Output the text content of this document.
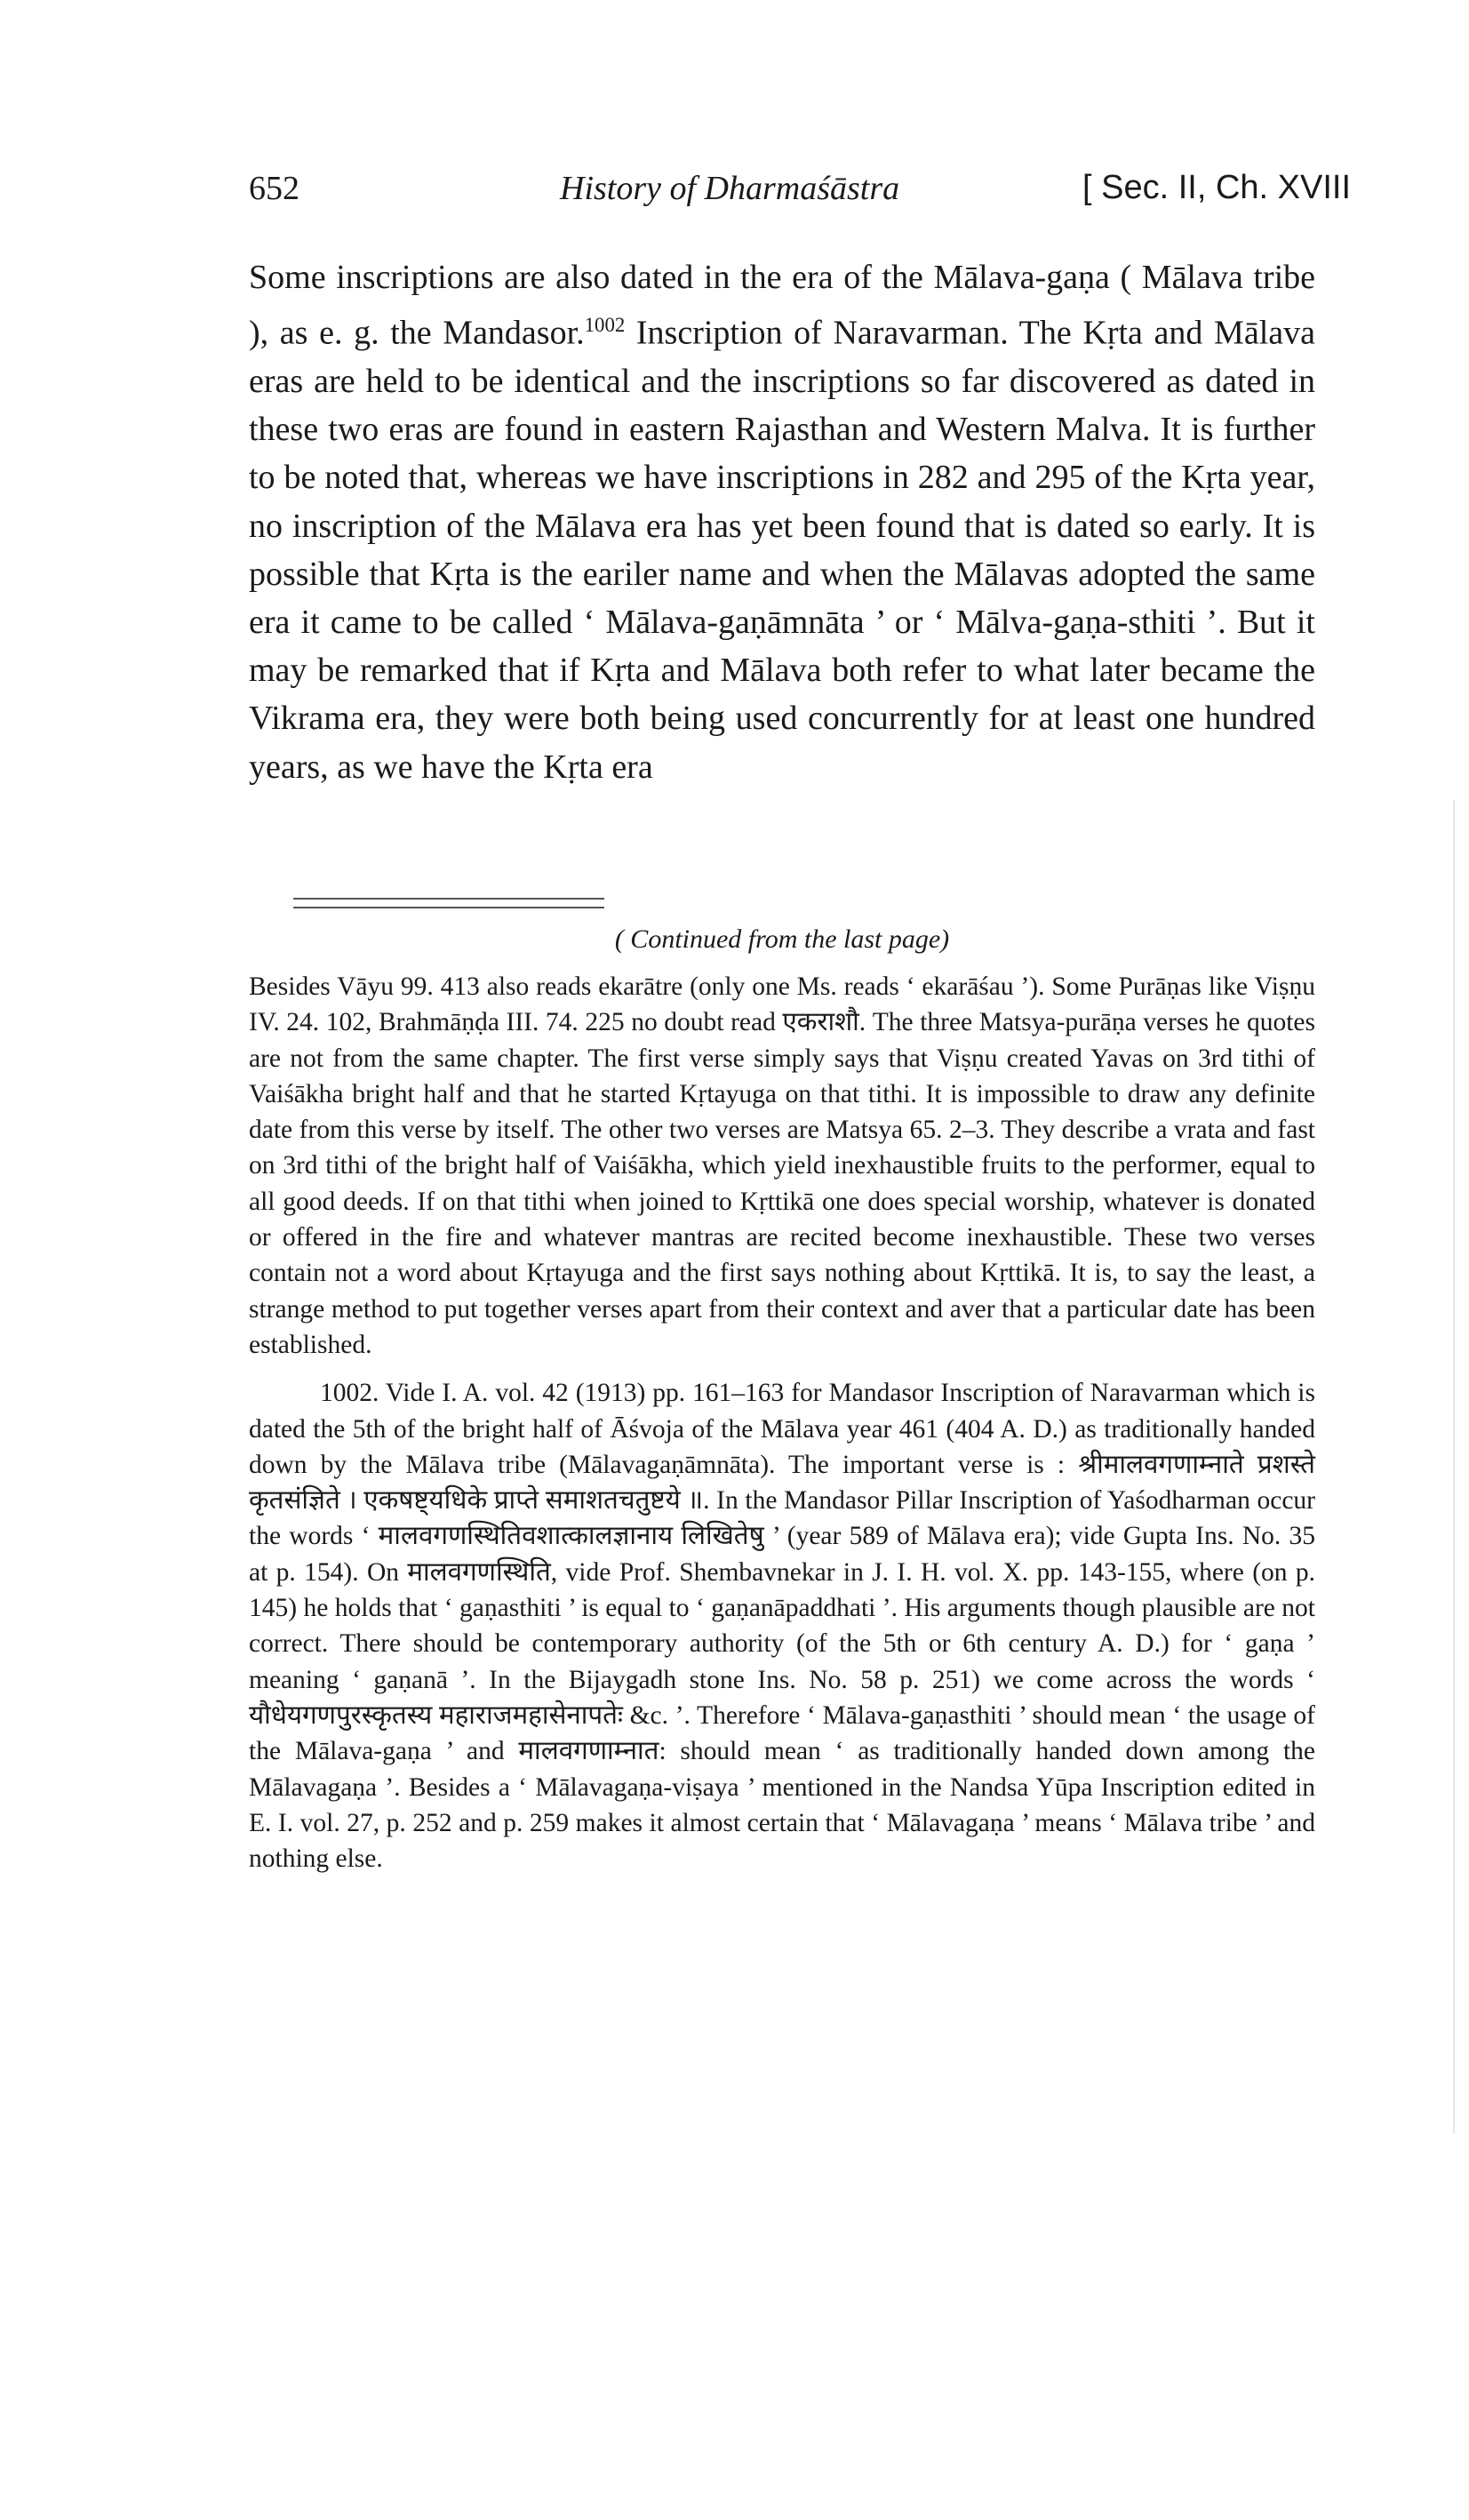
652	History of Dharmaśāstra	[ Sec. II, Ch. XVIII

Some inscriptions are also dated in the era of the Mālava-gaṇa ( Mālava tribe ), as e. g. the Mandasor.$^{1002}$ Inscription of Naravarman. The Kṛta and Mālava eras are held to be identical and the inscriptions so far discovered as dated in these two eras are found in eastern Rajasthan and Western Malva. It is further to be noted that, whereas we have inscriptions in 282 and 295 of the Kṛta year, no inscription of the Mālava era has yet been found that is dated so early. It is possible that Kṛta is the eariler name and when the Mālavas adopted the same era it came to be called ‘ Mālava-gaṇāmnāta ’ or ‘ Mālva-gaṇa-sthiti ’. But it may be remarked that if Kṛta and Mālava both refer to what later became the Vikrama era, they were both being used concurrently for at least one hundred years, as we have the Kṛta era

( Continued from the last page)

Besides Vāyu 99. 413 also reads ekarātre (only one Ms. reads ‘ ekarāśau ’). Some Purāṇas like Viṣṇu IV. 24. 102, Brahmāṇḍa III. 74. 225 no doubt read एकराशौ. The three Matsya-purāṇa verses he quotes are not from the same chapter. The first verse simply says that Viṣṇu created Yavas on 3rd tithi of Vaiśākha bright half and that he started Kṛtayuga on that tithi. It is impossible to draw any definite date from this verse by itself. The other two verses are Matsya 65. 2–3. They describe a vrata and fast on 3rd tithi of the bright half of Vaiśākha, which yield inexhaustible fruits to the performer, equal to all good deeds. If on that tithi when joined to Kṛttikā one does special worship, whatever is donated or offered in the fire and whatever mantras are recited become inexhaustible. These two verses contain not a word about Kṛtayuga and the first says nothing about Kṛttikā. It is, to say the least, a strange method to put together verses apart from their context and aver that a particular date has been established.

1002. Vide I. A. vol. 42 (1913) pp. 161–163 for Mandasor Inscription of Naravarman which is dated the 5th of the bright half of Āśvoja of the Mālava year 461 (404 A. D.) as traditionally handed down by the Mālava tribe (Mālavagaṇāmnāta). The important verse is : श्रीमालवगणाम्नाते प्रशस्ते कृतसंज्ञिते । एकषष्ट्यधिके प्राप्ते समाशतचतुष्टये ॥. In the Mandasor Pillar Inscription of Yaśodharman occur the words ‘ मालवगणस्थितिवशात्कालज्ञानाय लिखितेषु ’ (year 589 of Mālava era); vide Gupta Ins. No. 35 at p. 154). On मालवगणस्थिति, vide Prof. Shembavnekar in J. I. H. vol. X. pp. 143-155, where (on p. 145) he holds that ‘ gaṇasthiti ’ is equal to ‘ gaṇanāpaddhati ’. His arguments though plausible are not correct. There should be contemporary authority (of the 5th or 6th century A. D.) for ‘ gaṇa ’ meaning ‘ gaṇanā ’. In the Bijaygadh stone Ins. No. 58 p. 251) we come across the words ‘ यौधेयगणपुरस्कृतस्य महाराजमहासेनापतेः &c. ’. Therefore ‘ Mālava-gaṇasthiti ’ should mean ‘ the usage of the Mālava-gaṇa ’ and मालवगणाम्नात: should mean ‘ as traditionally handed down among the Mālavagaṇa ’. Besides a ‘ Mālavagaṇa-viṣaya ’ mentioned in the Nandsa Yūpa Inscription edited in E. I. vol. 27, p. 252 and p. 259 makes it almost certain that ‘ Mālavagaṇa ’ means ‘ Mālava tribe ’ and nothing else.
